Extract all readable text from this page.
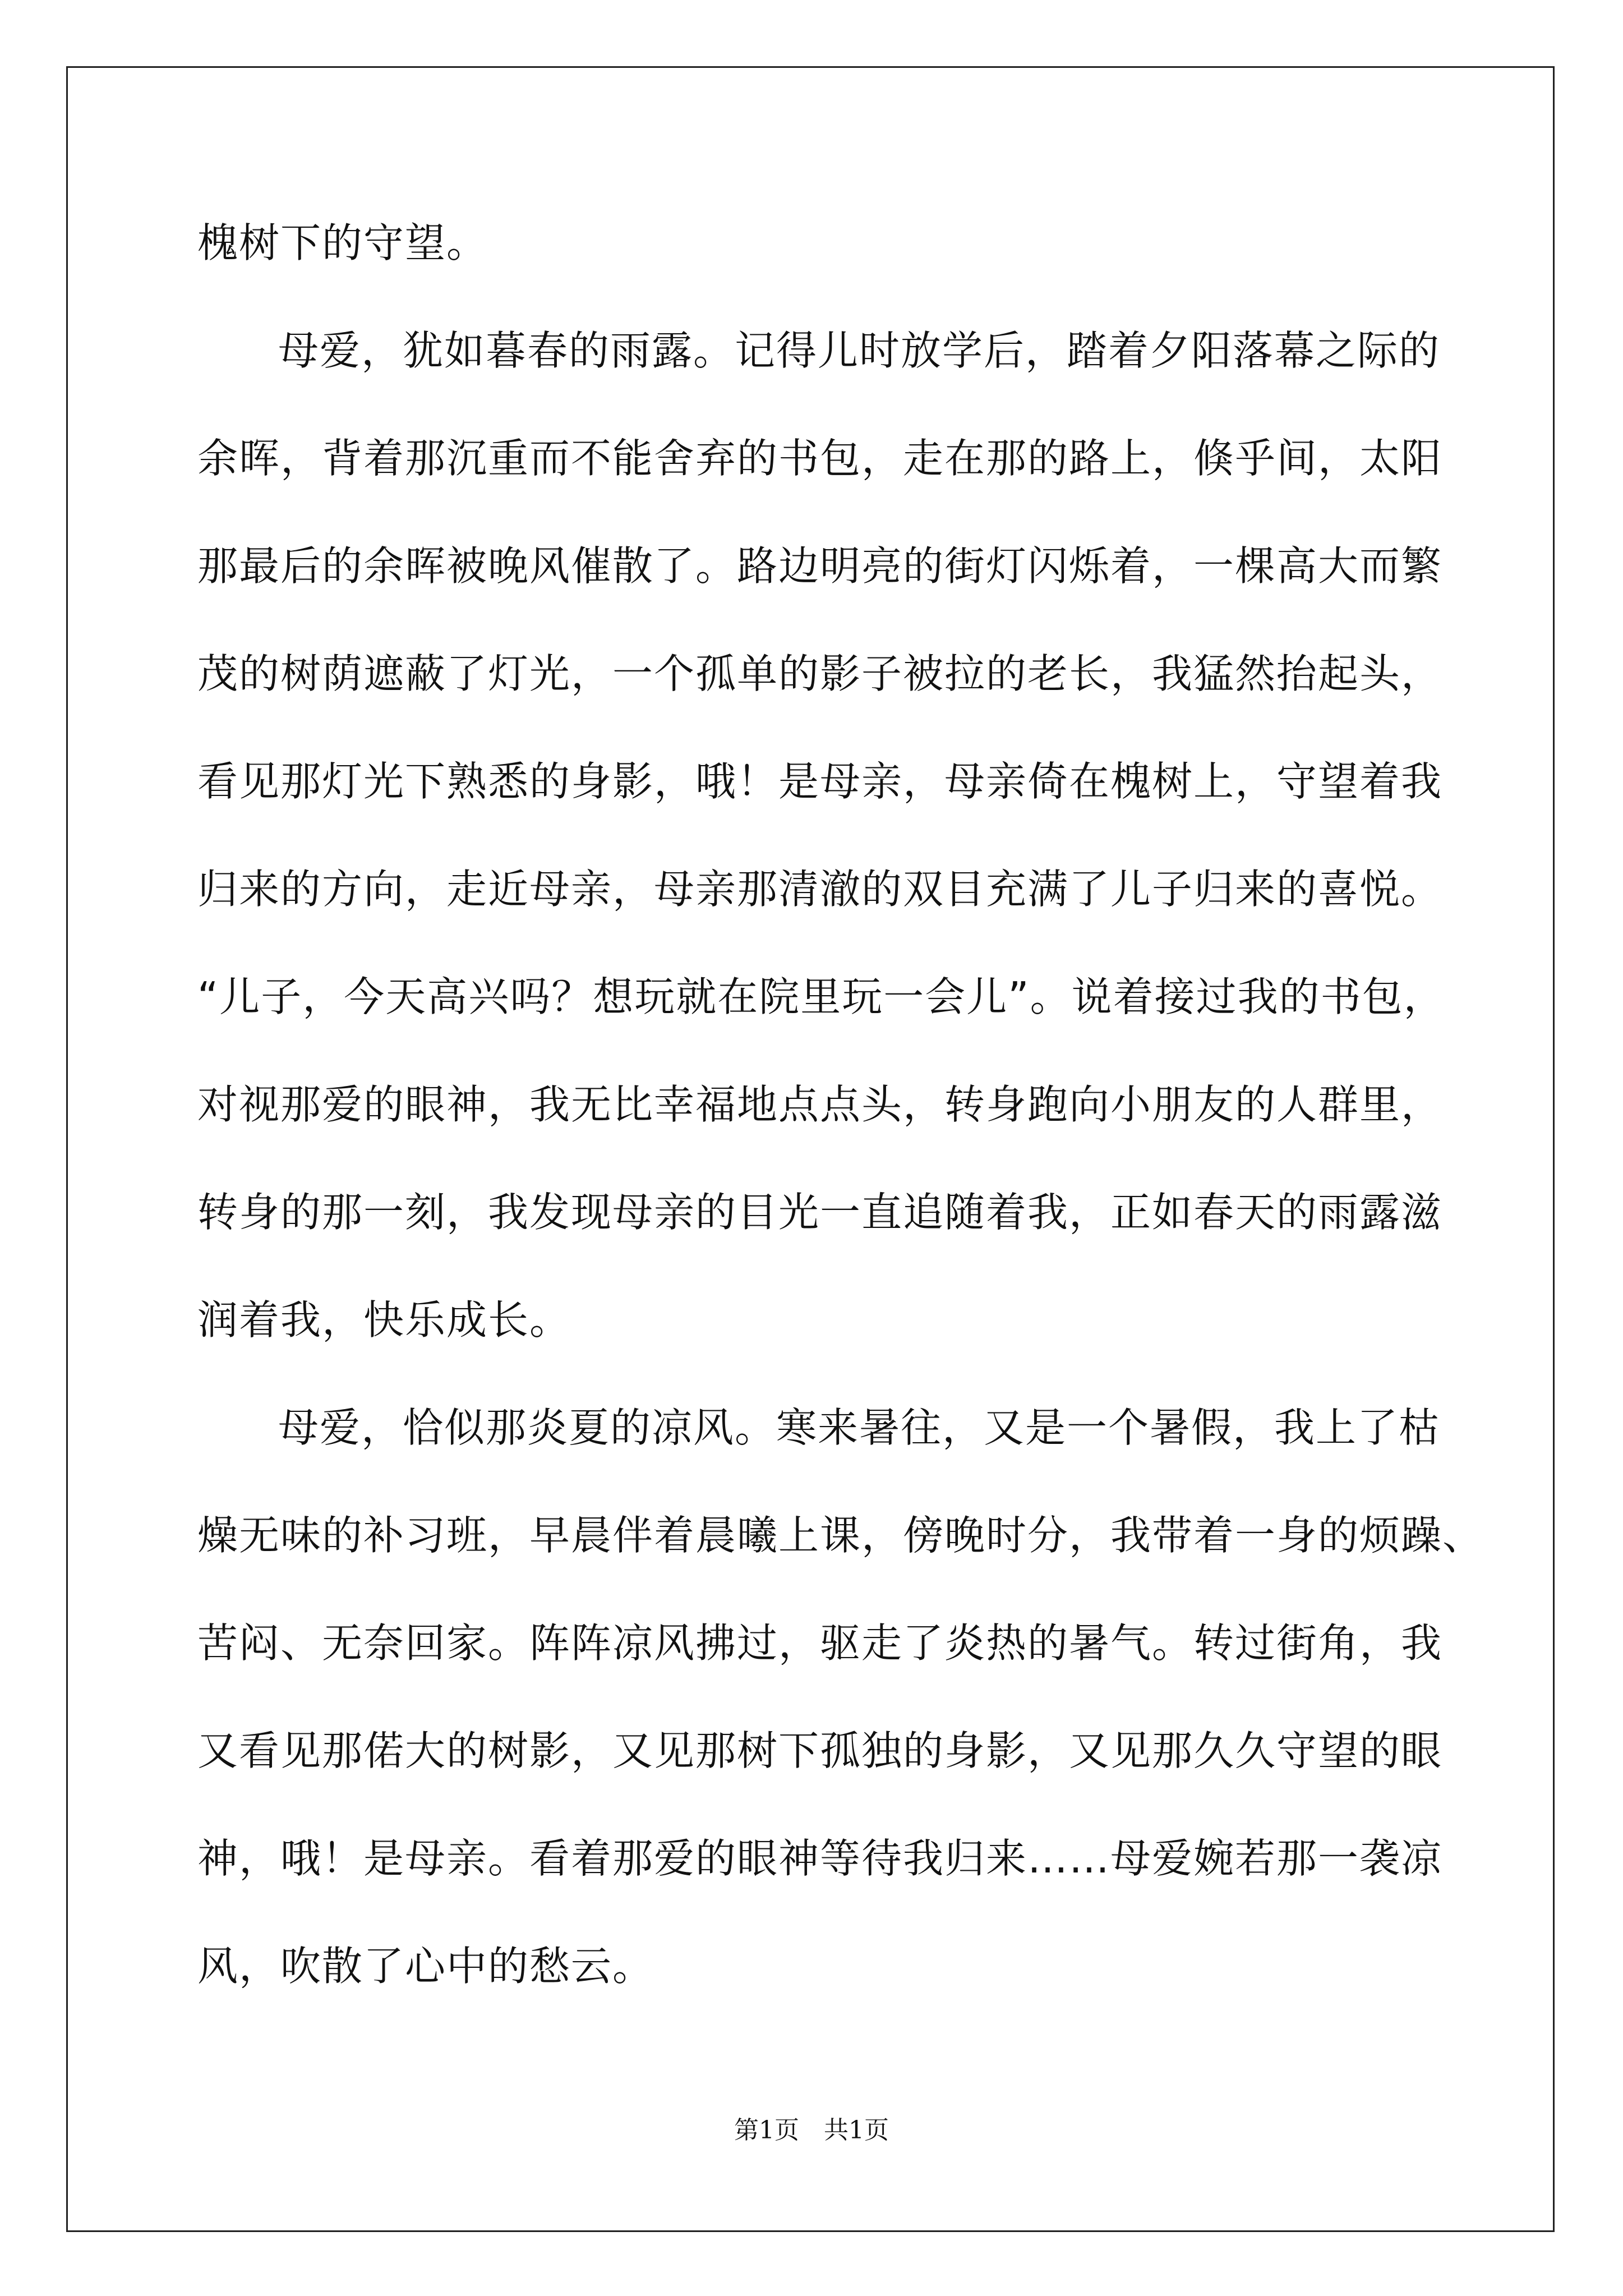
槐树下的守望。
母爱，犹如暮春的雨露。记得儿时放学后，踏着夕阳落幕之际的
余晖，背着那沉重而不能舍弃的书包，走在那的路上，倏乎间，太阳
那最后的余晖被晚风催散了。路边明亮的街灯闪烁着，一棵高大而繁
茂的树荫遮蔽了灯光，一个孤单的影子被拉的老长，我猛然抬起头，
看见那灯光下熟悉的身影，哦！是母亲，母亲倚在槐树上，守望着我
归来的方向，走近母亲，母亲那清澈的双目充满了儿子归来的喜悦。
“儿子，今天高兴吗？想玩就在院里玩一会儿”。说着接过我的书包，
对视那爱的眼神，我无比幸福地点点头，转身跑向小朋友的人群里，
转身的那一刻，我发现母亲的目光一直追随着我，正如春天的雨露滋
润着我，快乐成长。
母爱，恰似那炎夏的凉风。寒来暑往，又是一个暑假，我上了枯
燥无味的补习班，早晨伴着晨曦上课，傍晚时分，我带着一身的烦躁、
苦闷、无奈回家。阵阵凉风拂过，驱走了炎热的暑气。转过街角，我
又看见那偌大的树影，又见那树下孤独的身影，又见那久久守望的眼
神，哦！是母亲。看着那爱的眼神等待我归来……母爱婉若那一袭凉
风，吹散了心中的愁云。
第1页　共1页
